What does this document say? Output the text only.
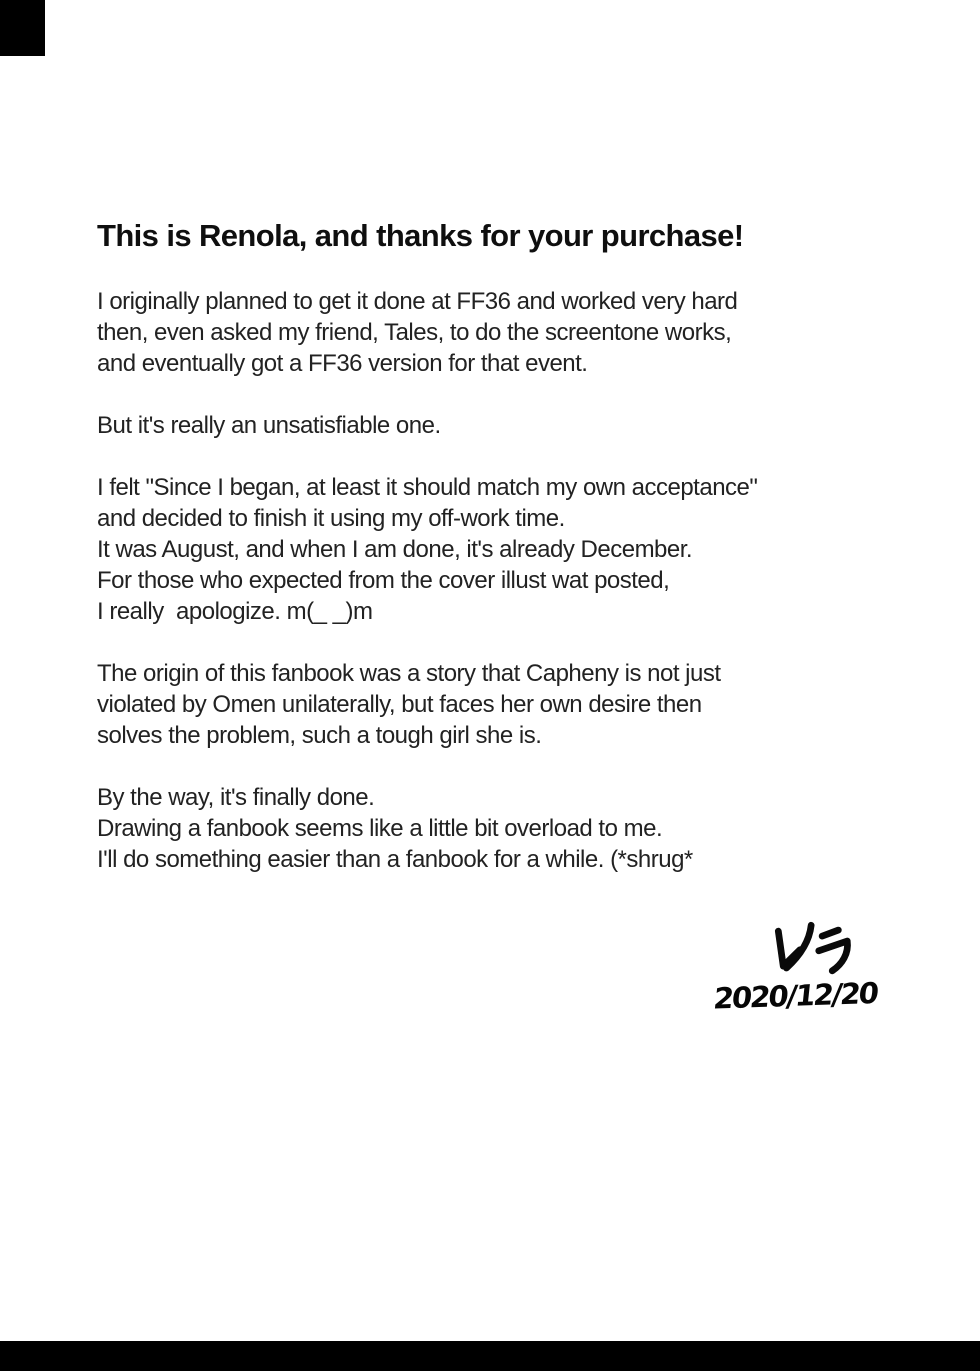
This is Renola, and thanks for your purchase!
I originally planned to get it done at FF36 and worked very hard
then, even asked my friend, Tales, to do the screentone works,
and eventually got a FF36 version for that event.
But it's really an unsatisfiable one.
I felt "Since I began, at least it should match my own acceptance"
and decided to finish it using my off-work time.
It was August, and when I am done, it's already December.
For those who expected from the cover illust wat posted,
I really  apologize. m(_ _)m
The origin of this fanbook was a story that Capheny is not just
violated by Omen unilaterally, but faces her own desire then
solves the problem, such a tough girl she is.
By the way, it's finally done.
Drawing a fanbook seems like a little bit overload to me.
I'll do something easier than a fanbook for a while. (*shrug*
2020/12/20
